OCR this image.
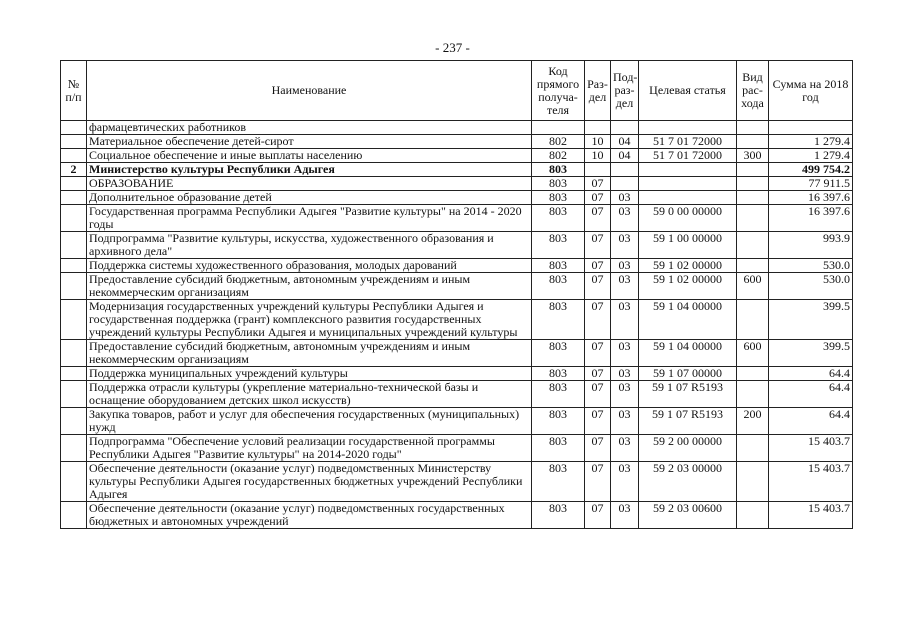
- 237 -
№ п/п	Наименование	Код прямого получа-теля	Раз-дел	Под-раз-дел	Целевая статья	Вид рас-хода	Сумма на 2018 год
	фармацевтических работников						
	Материальное обеспечение детей-сирот	802	10	04	51 7 01 72000		1 279.4
	Социальное обеспечение и иные выплаты населению	802	10	04	51 7 01 72000	300	1 279.4
2	Министерство культуры Республики Адыгея	803					499 754.2
	ОБРАЗОВАНИЕ	803	07				77 911.5
	Дополнительное образование детей	803	07	03			16 397.6
	Государственная программа Республики Адыгея "Развитие культуры" на 2014 - 2020 годы	803	07	03	59 0 00 00000		16 397.6
	Подпрограмма "Развитие культуры, искусства, художественного образования и архивного дела"	803	07	03	59 1 00 00000		993.9
	Поддержка системы художественного образования, молодых дарований	803	07	03	59 1 02 00000		530.0
	Предоставление субсидий бюджетным, автономным учреждениям и иным некоммерческим организациям	803	07	03	59 1 02 00000	600	530.0
	Модернизация государственных учреждений культуры Республики Адыгея и государственная поддержка (грант) комплексного развития государственных учреждений культуры Республики Адыгея и муниципальных учреждений культуры	803	07	03	59 1 04 00000		399.5
	Предоставление субсидий бюджетным, автономным учреждениям и иным некоммерческим организациям	803	07	03	59 1 04 00000	600	399.5
	Поддержка муниципальных учреждений культуры	803	07	03	59 1 07 00000		64.4
	Поддержка отрасли культуры (укрепление материально-технической базы и оснащение оборудованием детских школ искусств)	803	07	03	59 1 07 R5193		64.4
	Закупка товаров, работ и услуг для обеспечения государственных (муниципальных) нужд	803	07	03	59 1 07 R5193	200	64.4
	Подпрограмма "Обеспечение условий реализации государственной программы Республики Адыгея "Развитие культуры" на 2014-2020 годы"	803	07	03	59 2 00 00000		15 403.7
	Обеспечение деятельности (оказание услуг) подведомственных Министерству культуры Республики Адыгея государственных бюджетных учреждений Республики Адыгея	803	07	03	59 2 03 00000		15 403.7
	Обеспечение деятельности (оказание услуг) подведомственных государственных бюджетных и автономных учреждений	803	07	03	59 2 03 00600		15 403.7
